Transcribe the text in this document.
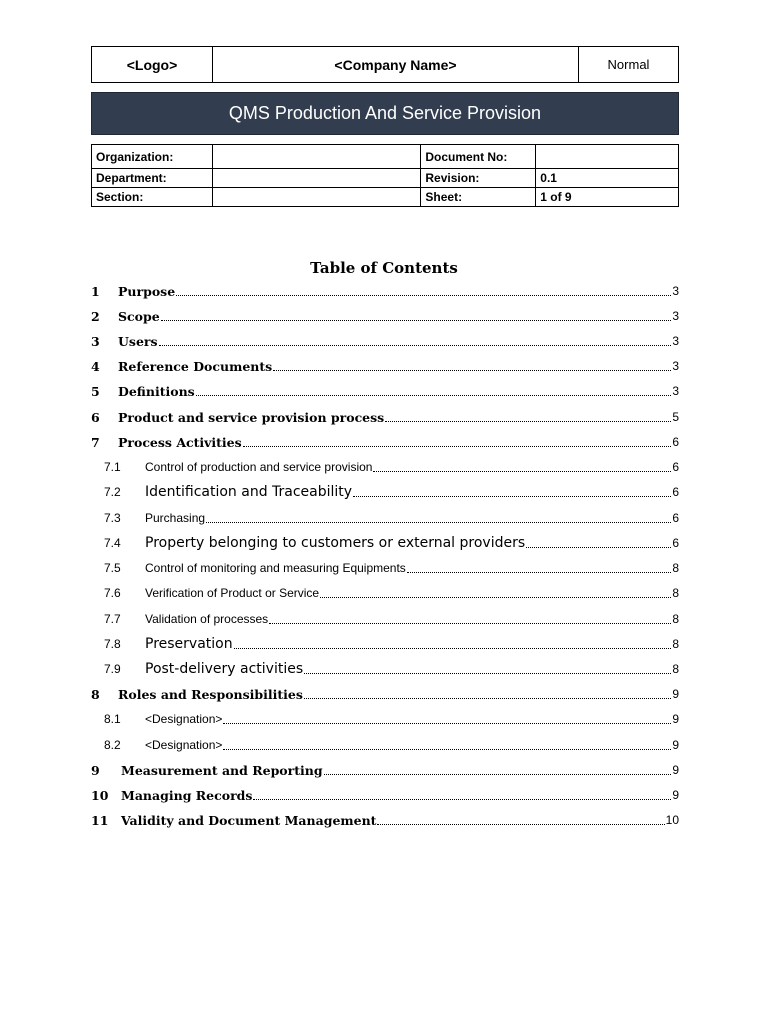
<Logo>	<Company Name>	Normal
QMS Production And Service Provision
Organization:		Document No:	
Department:		Revision:	0.1
Section:		Sheet:	1 of 9
Table of Contents
1	Purpose	3
2	Scope	3
3	Users	3
4	Reference Documents	3
5	Definitions	3
6	Product and service provision process	5
7	Process Activities	6
7.1	Control of production and service provision	6
7.2	Identification and Traceability	6
7.3	Purchasing	6
7.4	Property belonging to customers or external providers	6
7.5	Control of monitoring and measuring Equipments	8
7.6	Verification of Product or Service	8
7.7	Validation of processes	8
7.8	Preservation	8
7.9	Post-delivery activities	8
8	Roles and Responsibilities	9
8.1	<Designation>	9
8.2	<Designation>	9
9	Measurement and Reporting	9
10	Managing Records	9
11	Validity and Document Management	10
